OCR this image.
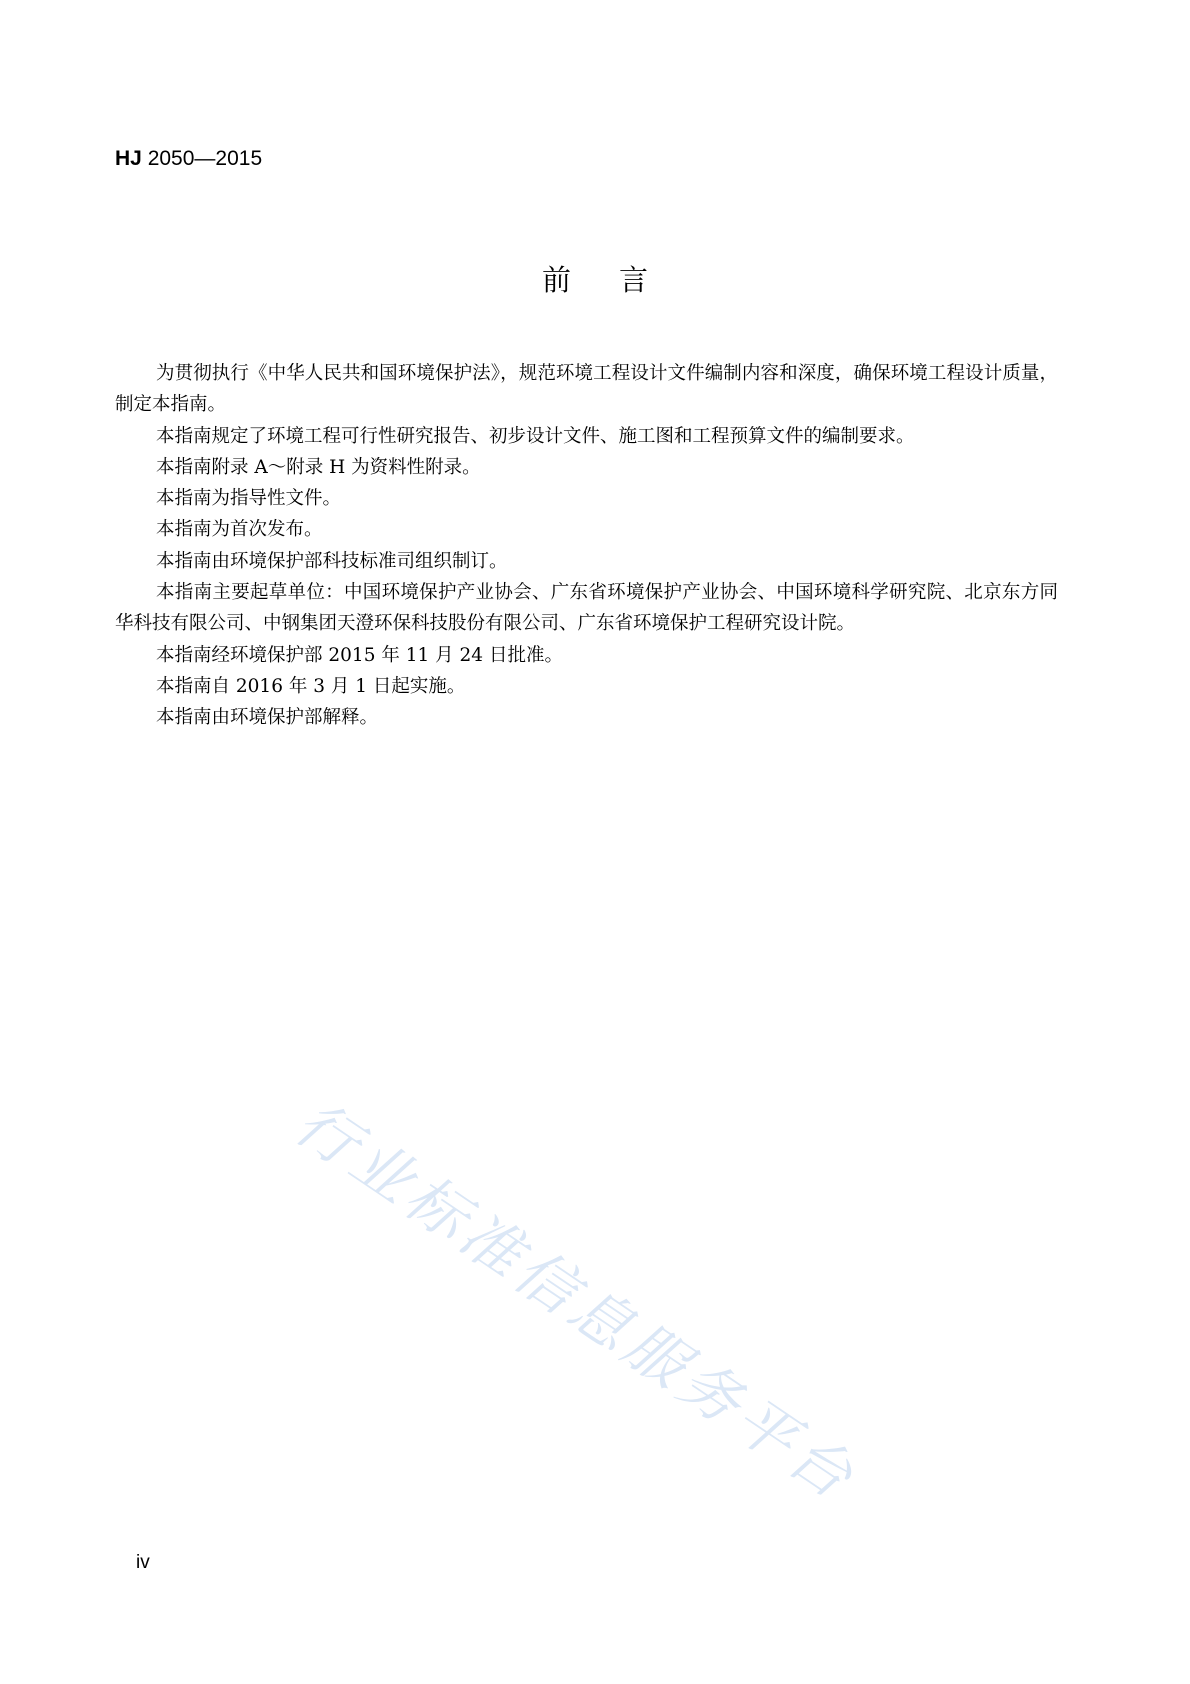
HJ 2050—2015
前言

为贯彻执行《中华人民共和国环境保护法》，规范环境工程设计文件编制内容和深度，确保环境工程设计质量，制定本指南。

本指南规定了环境工程可行性研究报告、初步设计文件、施工图和工程预算文件的编制要求。

本指南附录 A～附录 H 为资料性附录。

本指南为指导性文件。

本指南为首次发布。

本指南由环境保护部科技标准司组织制订。

本指南主要起草单位：中国环境保护产业协会、广东省环境保护产业协会、中国环境科学研究院、北京东方同华科技有限公司、中钢集团天澄环保科技股份有限公司、广东省环境保护工程研究设计院。

本指南经环境保护部 2015 年 11 月 24 日批准。

本指南自 2016 年 3 月 1 日起实施。

本指南由环境保护部解释。

行业标准信息服务平台
iv
